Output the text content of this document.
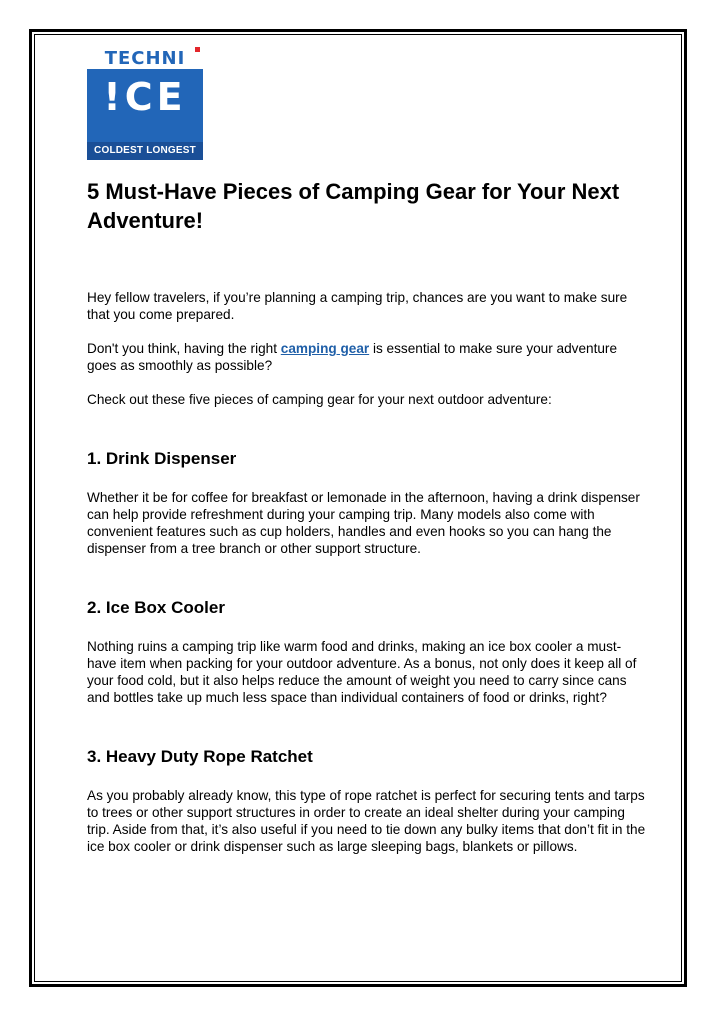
TECHNI
!CE
COLDEST LONGEST
5 Must-Have Pieces of Camping Gear for Your Next Adventure!

Hey fellow travelers, if you’re planning a camping trip, chances are you want to make sure that you come prepared.

Don't you think, having the right camping gear is essential to make sure your adventure goes as smoothly as possible?

Check out these five pieces of camping gear for your next outdoor adventure:

1. Drink Dispenser

Whether it be for coffee for breakfast or lemonade in the afternoon, having a drink dispenser can help provide refreshment during your camping trip. Many models also come with convenient features such as cup holders, handles and even hooks so you can hang the dispenser from a tree branch or other support structure.

2. Ice Box Cooler

Nothing ruins a camping trip like warm food and drinks, making an ice box cooler a must-have item when packing for your outdoor adventure. As a bonus, not only does it keep all of your food cold, but it also helps reduce the amount of weight you need to carry since cans and bottles take up much less space than individual containers of food or drinks, right?

3. Heavy Duty Rope Ratchet

As you probably already know, this type of rope ratchet is perfect for securing tents and tarps to trees or other support structures in order to create an ideal shelter during your camping trip. Aside from that, it’s also useful if you need to tie down any bulky items that don’t fit in the ice box cooler or drink dispenser such as large sleeping bags, blankets or pillows.
